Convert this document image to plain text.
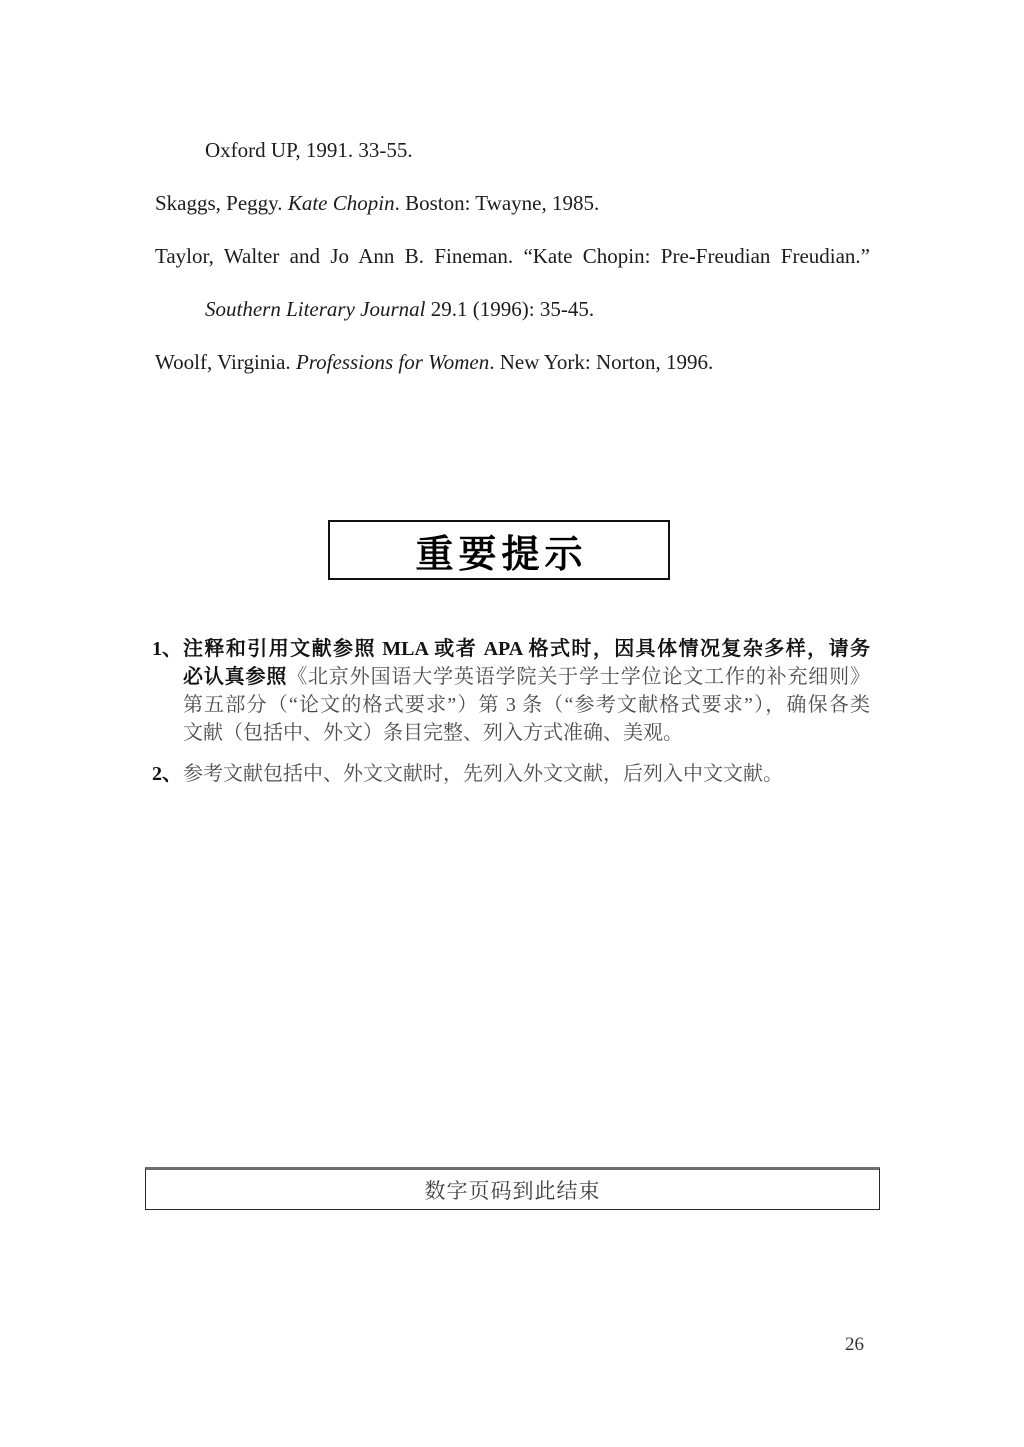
Oxford UP, 1991. 33-55.
Skaggs, Peggy. Kate Chopin. Boston: Twayne, 1985.
Taylor, Walter and Jo Ann B. Fineman. “Kate Chopin: Pre-Freudian Freudian.”
Southern Literary Journal 29.1 (1996): 35-45.
Woolf, Virginia. Professions for Women. New York: Norton, 1996.
重要提示
1、 注释和引用文献参照 MLA 或者 APA 格式时，因具体情况复杂多样，请务
必认真参照《北京外国语大学英语学院关于学士学位论文工作的补充细则》
第五部分（“论文的格式要求”）第 3 条（“参考文献格式要求”），确保各类
文献（包括中、外文）条目完整、列入方式准确、美观。
2、 参考文献包括中、外文文献时，先列入外文文献，后列入中文文献。
数字页码到此结束
26
